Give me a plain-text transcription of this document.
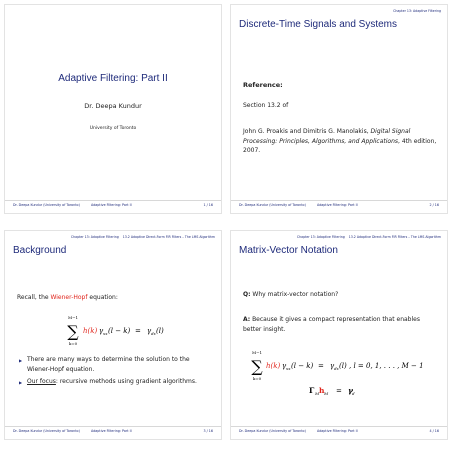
Adaptive Filtering: Part II
Dr. Deepa Kundur
University of Toronto
Dr. Deepa Kundur (University of Toronto)	Adaptive Filtering: Part II	1 / 16
Chapter 13: Adaptive Filtering
Discrete-Time Signals and Systems
Reference:
Section 13.2 of
John G. Proakis and Dimitris G. Manolakis, Digital Signal Processing: Principles, Algorithms, and Applications, 4th edition, 2007.
Dr. Deepa Kundur (University of Toronto)	Adaptive Filtering: Part II	2 / 16
Chapter 13: Adaptive Filtering 13.2 Adaptive Direct-Form FIR Filters – The LMS Algorithm
Background
Recall, the Wiener-Hopf equation:
M−1
∑
k=0
h(k) γ xx (l − k) = γ dx (l)
▶ There are many ways to determine the solution to the Wiener-Hopf equation.
▶ Our focus: recursive methods using gradient algorithms.
Dr. Deepa Kundur (University of Toronto)	Adaptive Filtering: Part II	3 / 16
Chapter 13: Adaptive Filtering 13.2 Adaptive Direct-Form FIR Filters – The LMS Algorithm
Matrix-Vector Notation
Q: Why matrix-vector notation?
A: Because it gives a compact representation that enables better insight.
M−1
∑
k=0
h(k) γ xx (l − k) = γ dx (l) , l = 0, 1, . . . , M − 1
Γ M h M = γ d
Dr. Deepa Kundur (University of Toronto)	Adaptive Filtering: Part II	4 / 16
